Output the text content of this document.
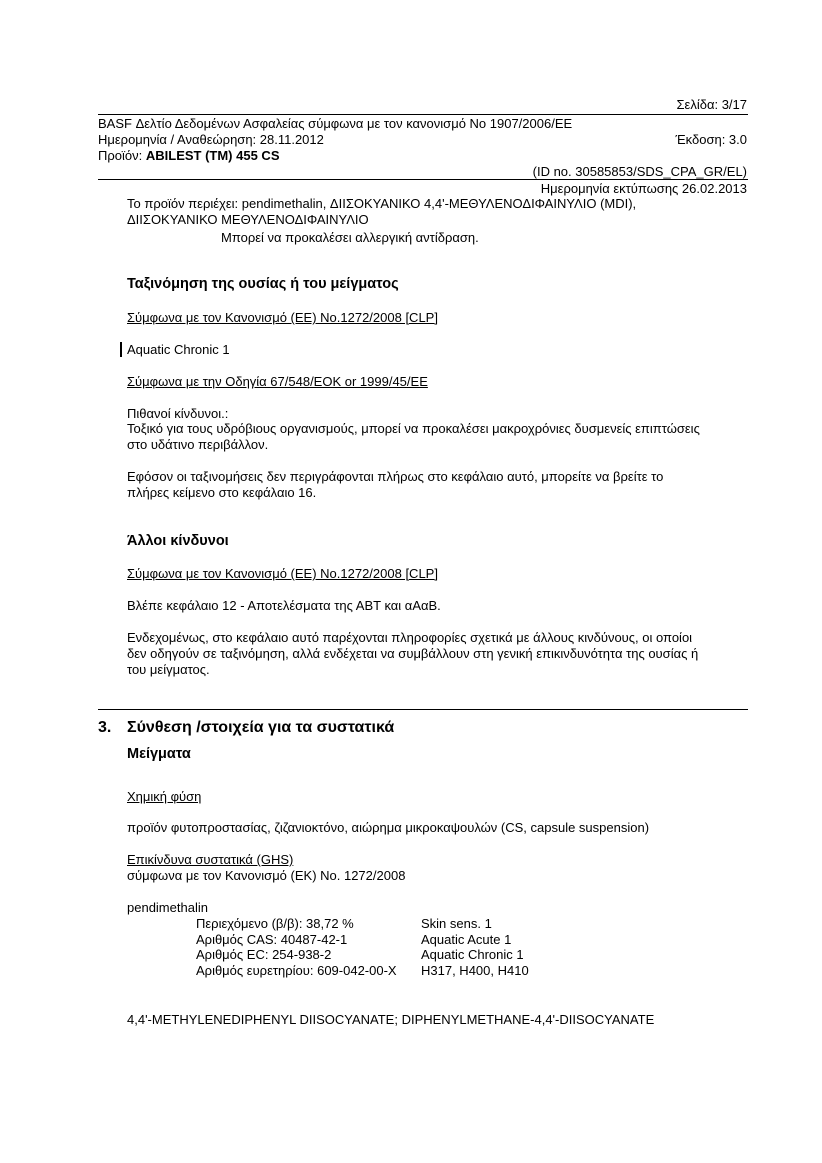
Σελίδα: 3/17
BASF Δελτίο Δεδομένων Ασφαλείας σύμφωνα με τον κανονισμό Νο 1907/2006/ΕΕ
Ημερομηνία / Αναθεώρηση: 28.11.2012	Έκδοση: 3.0
Προϊόν: ABILEST (TM) 455 CS
(ID no. 30585853/SDS_CPA_GR/EL)
Ημερομηνία εκτύπωσης 26.02.2013
Το προϊόν περιέχει: pendimethalin, ΔΙΙΣΟΚΥΑΝΙΚΟ 4,4'-ΜΕΘΥΛΕΝΟΔΙΦΑΙΝΥΛΙΟ (MDI),
ΔΙΙΣΟΚΥΑΝΙΚΟ ΜΕΘΥΛΕΝΟΔΙΦΑΙΝΥΛΙΟ
Μπορεί να προκαλέσει αλλεργική αντίδραση.
Ταξινόμηση της ουσίας ή του μείγματος
Σύμφωνα με τον Κανονισμό (ΕΕ) No.1272/2008 [CLP]
Aquatic Chronic 1
Σύμφωνα με την Οδηγία 67/548/ΕΟΚ or 1999/45/ΕΕ
Πιθανοί κίνδυνοι.:
Τοξικό για τους υδρόβιους οργανισμούς, μπορεί να προκαλέσει μακροχρόνιες δυσμενείς επιπτώσεις
στο υδάτινο περιβάλλον.
Εφόσον οι ταξινομήσεις δεν περιγράφονται πλήρως στο κεφάλαιο αυτό, μπορείτε να βρείτε το
πλήρες κείμενο στο κεφάλαιο 16.
Άλλοι κίνδυνοι
Σύμφωνα με τον Κανονισμό (ΕΕ) No.1272/2008 [CLP]
Βλέπε κεφάλαιο 12 - Αποτελέσματα της ΑΒΤ και αΑαΒ.
Ενδεχομένως, στο κεφάλαιο αυτό παρέχονται πληροφορίες σχετικά με άλλους κινδύνους, οι οποίοι
δεν οδηγούν σε ταξινόμηση, αλλά ενδέχεται να συμβάλλουν στη γενική επικινδυνότητα της ουσίας ή
του μείγματος.
3. Σύνθεση /στοιχεία για τα συστατικά
Μείγματα
Χημική φύση
προϊόν φυτοπροστασίας, ζιζανιοκτόνο, αιώρημα μικροκαψουλών (CS, capsule suspension)
Επικίνδυνα συστατικά (GHS)
σύμφωνα με τον Κανονισμό (ΕΚ) No. 1272/2008
pendimethalin
Περιεχόμενο (β/β): 38,72 %
Αριθμός CAS: 40487-42-1
Αριθμός EC: 254-938-2
Αριθμός ευρετηρίου: 609-042-00-X
Skin sens. 1
Aquatic Acute 1
Aquatic Chronic 1
H317, H400, H410
4,4'-METHYLENEDIPHENYL DIISOCYANATE; DIPHENYLMETHANE-4,4'-DIISOCYANATE
